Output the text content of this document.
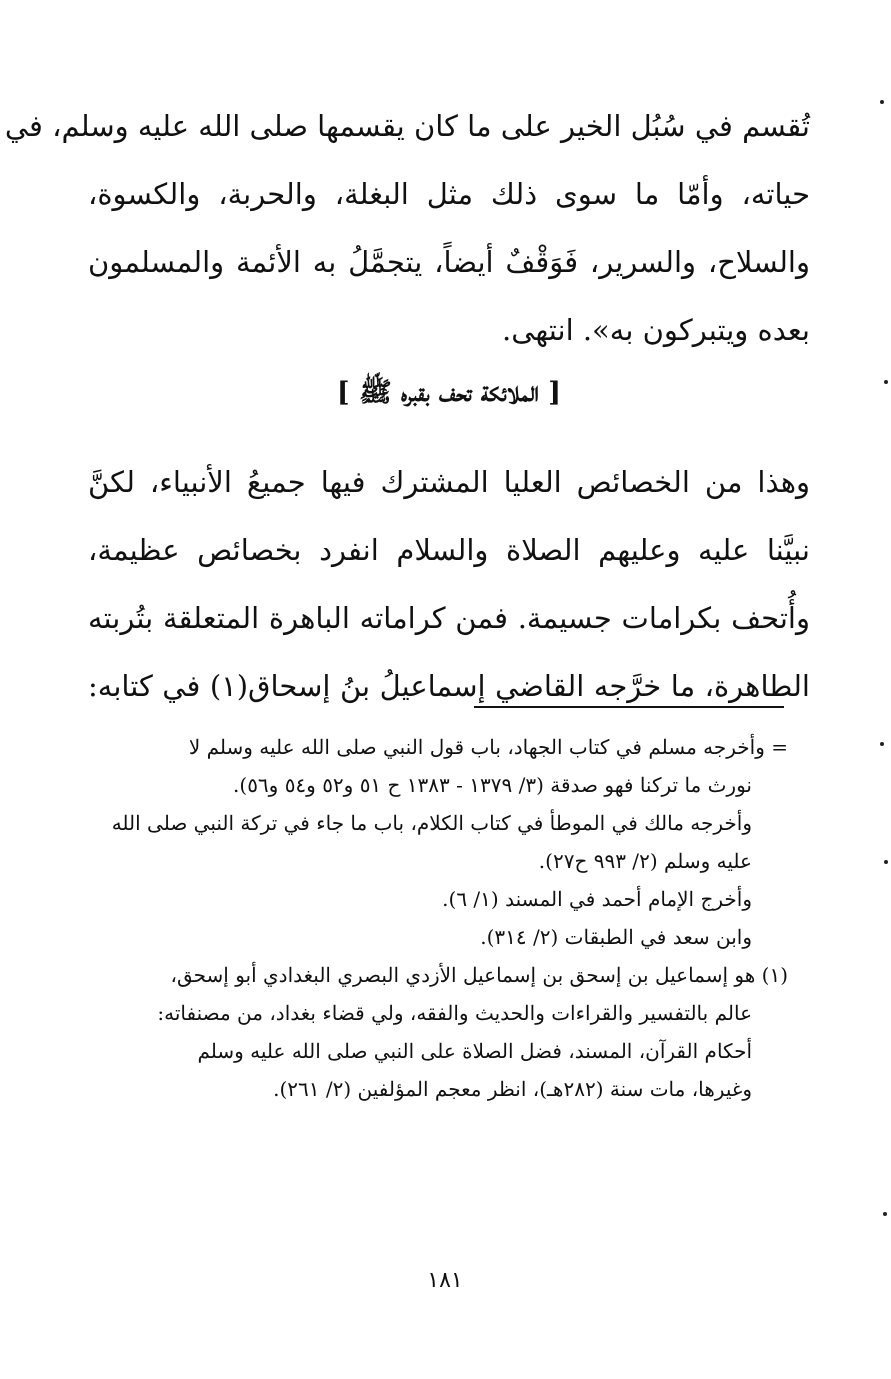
تُقسم في سُبُل الخير على ما كان يقسمها صلى الله عليه وسلم، في
حياته، وأمّا ما سوى ذلك مثل البغلة، والحربة، والكسوة،
والسلاح، والسرير، فَوَقْفٌ أيضاً، يتجمَّلُ به الأئمة والمسلمون
بعده ويتبركون به». انتهى.
[ الملائكة تحف بقبره ﷺ ]
وهذا من الخصائص العليا المشترك فيها جميعُ الأنبياء، لكنَّ
نبيَّنا عليه وعليهم الصلاة والسلام انفرد بخصائص عظيمة،
وأُتحف بكرامات جسيمة. فمن كراماته الباهرة المتعلقة بتُربته
الطاهرة، ما خرَّجه القاضي إسماعيلُ بنُ إسحاق(١) في كتابه:
= وأخرجه مسلم في كتاب الجهاد، باب قول النبي صلى الله عليه وسلم لا
نورث ما تركنا فهو صدقة (٣/ ١٣٧٩ - ١٣٨٣ ح ٥١ و٥٢ و٥٤ و٥٦).
وأخرجه مالك في الموطأ في كتاب الكلام، باب ما جاء في تركة النبي صلى الله
عليه وسلم (٢/ ٩٩٣ ح٢٧).
وأخرج الإمام أحمد في المسند (١/ ٦).
وابن سعد في الطبقات (٢/ ٣١٤).
(١) هو إسماعيل بن إسحق بن إسماعيل الأزدي البصري البغدادي أبو إسحق،
عالم بالتفسير والقراءات والحديث والفقه، ولي قضاء بغداد، من مصنفاته:
أحكام القرآن، المسند، فضل الصلاة على النبي صلى الله عليه وسلم
وغيرها، مات سنة (٢٨٢هـ)، انظر معجم المؤلفين (٢/ ٢٦١).
١٨١
